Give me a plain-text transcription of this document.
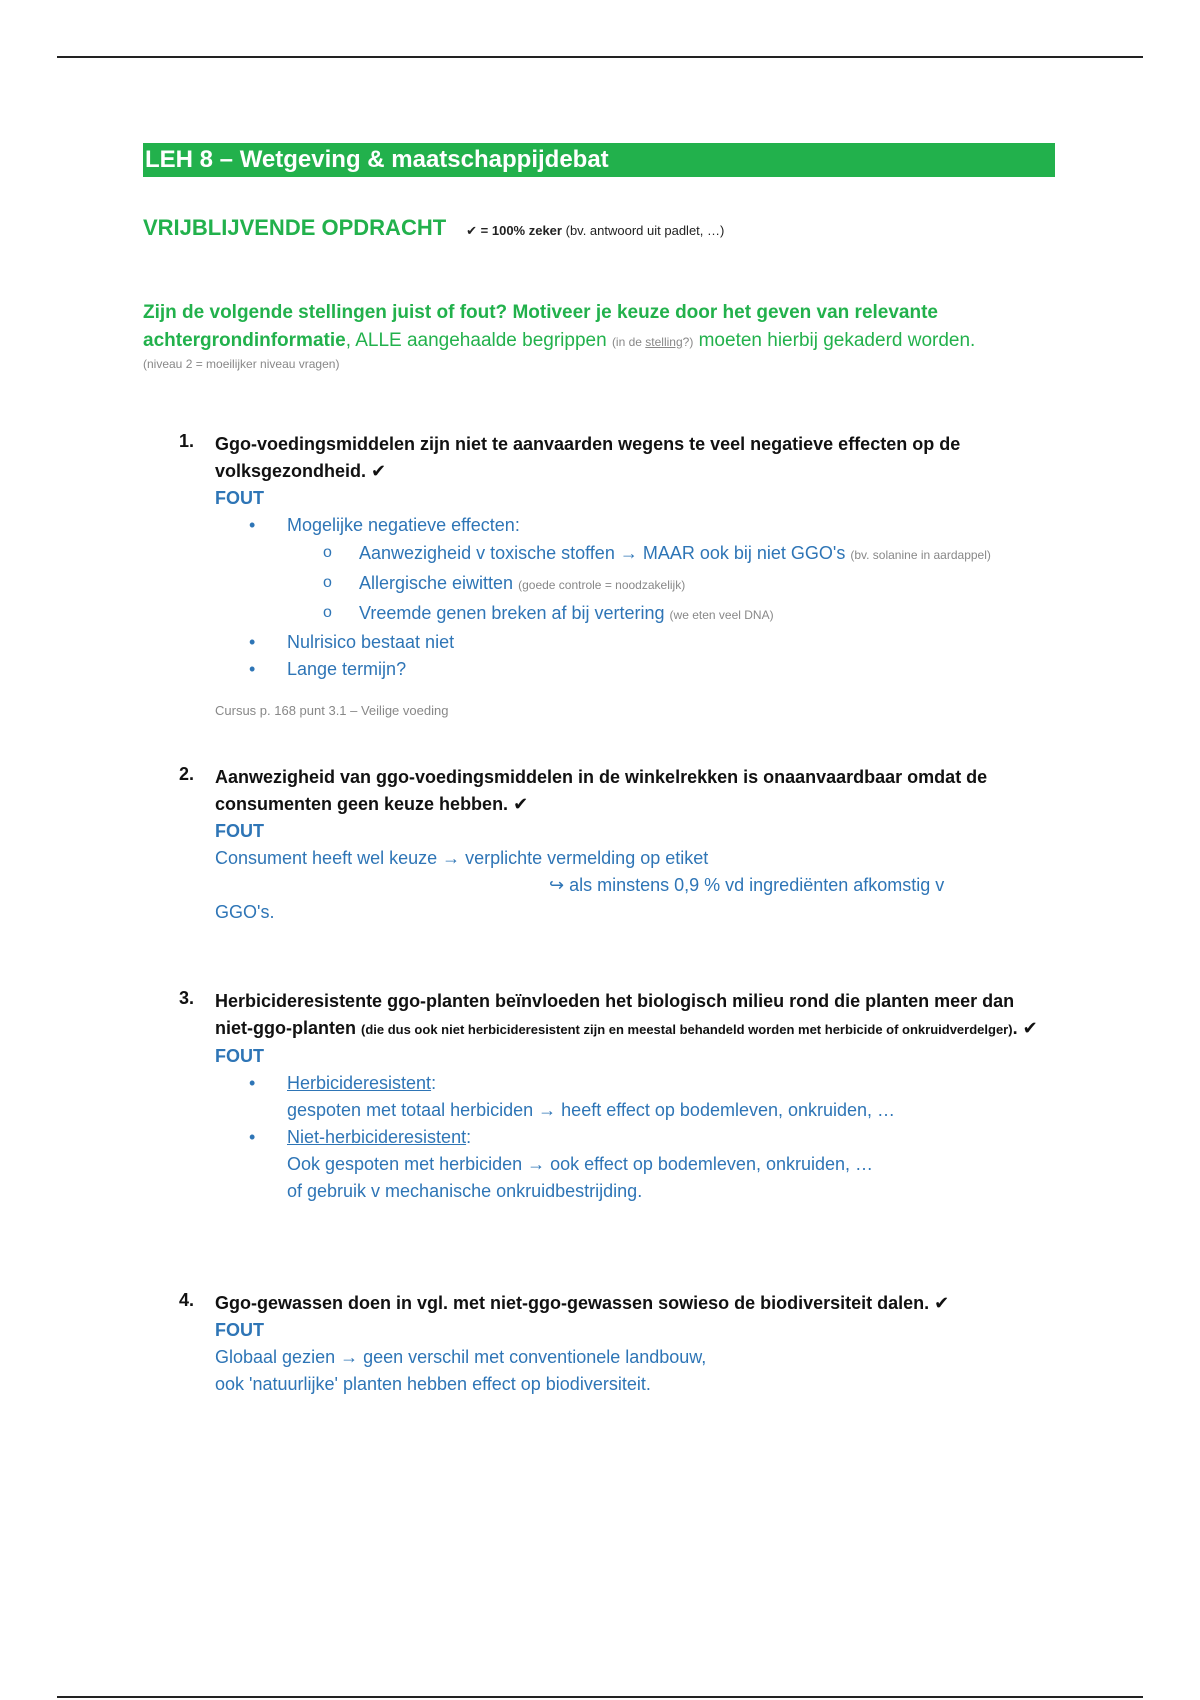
LEH 8 – Wetgeving & maatschappijdebat
VRIJBLIJVENDE OPDRACHT ✔ = 100% zeker (bv. antwoord uit padlet, …)
Zijn de volgende stellingen juist of fout? Motiveer je keuze door het geven van relevante
achtergrondinformatie, ALLE aangehaalde begrippen (in de stelling?) moeten hierbij gekaderd worden.
(niveau 2 = moeilijker niveau vragen)
1. Ggo-voedingsmiddelen zijn niet te aanvaarden wegens te veel negatieve effecten op de volksgezondheid. ✔
FOUT
• Mogelijke negatieve effecten:
o Aanwezigheid v toxische stoffen → MAAR ook bij niet GGO's (bv. solanine in aardappel)
o Allergische eiwitten (goede controle = noodzakelijk)
o Vreemde genen breken af bij vertering (we eten veel DNA)
• Nulrisico bestaat niet
• Lange termijn?
Cursus p. 168 punt 3.1 – Veilige voeding
2. Aanwezigheid van ggo-voedingsmiddelen in de winkelrekken is onaanvaardbaar omdat de consumenten geen keuze hebben. ✔
FOUT
Consument heeft wel keuze → verplichte vermelding op etiket
↪ als minstens 0,9 % vd ingrediënten afkomstig v
GGO's.
3. Herbicideresistente ggo-planten beïnvloeden het biologisch milieu rond die planten meer dan niet-ggo-planten (die dus ook niet herbicideresistent zijn en meestal behandeld worden met herbicide of onkruidverdelger). ✔
FOUT
• Herbicideresistent:
gespoten met totaal herbiciden → heeft effect op bodemleven, onkruiden, …
• Niet-herbicideresistent:
Ook gespoten met herbiciden → ook effect op bodemleven, onkruiden, …
of gebruik v mechanische onkruidbestrijding.
4. Ggo-gewassen doen in vgl. met niet-ggo-gewassen sowieso de biodiversiteit dalen. ✔
FOUT
Globaal gezien → geen verschil met conventionele landbouw,
ook 'natuurlijke' planten hebben effect op biodiversiteit.
